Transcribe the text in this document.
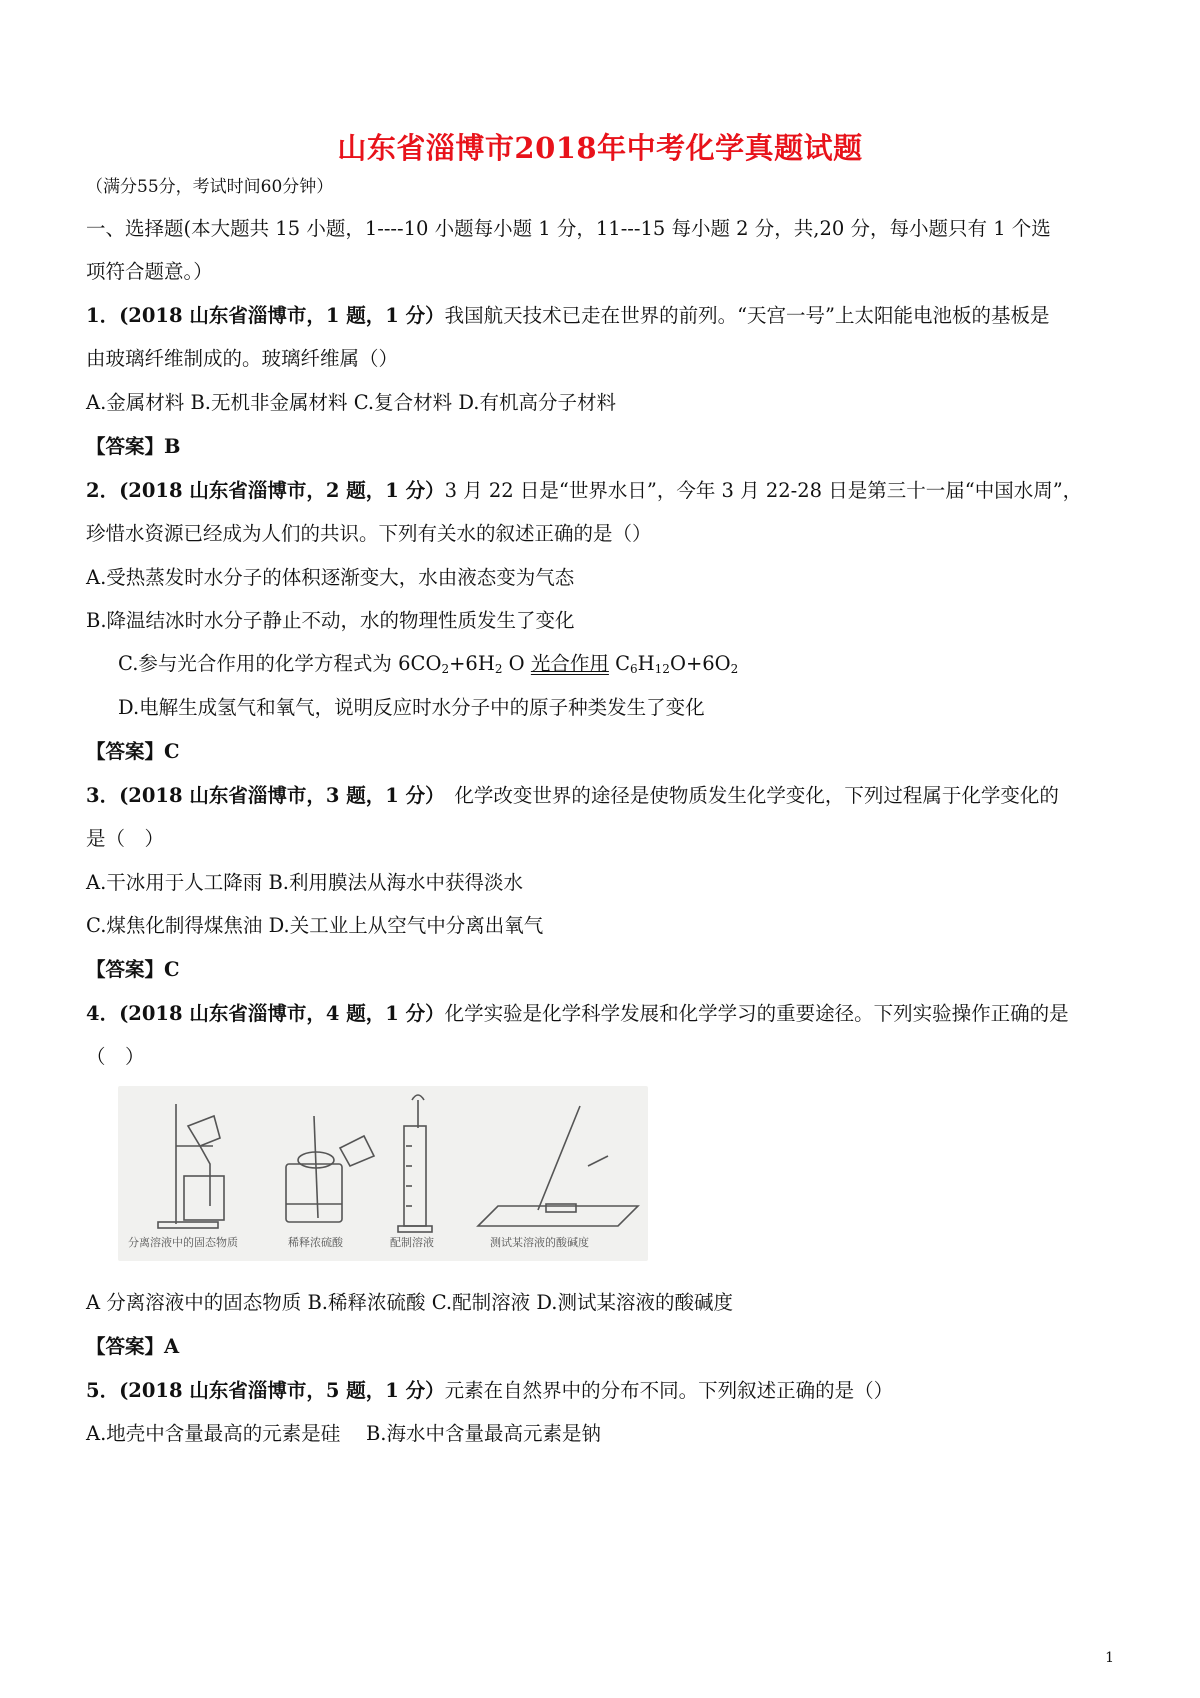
山东省淄博市2018年中考化学真题试题
（满分55分，考试时间60分钟）
一、选择题(本大题共 15 小题，1----10 小题每小题 1 分，11---15 每小题 2 分，共,20 分，每小题只有 1 个选
项符合题意。）
1．(2018 山东省淄博市，1 题，1 分）我国航天技术已走在世界的前列。“天宫一号”上太阳能电池板的基板是
由玻璃纤维制成的。玻璃纤维属（）
A.金属材料 B.无机非金属材料 C.复合材料 D.有机高分子材料
【答案】B
2．(2018 山东省淄博市，2 题，1 分）3 月 22 日是“世界水日”，今年 3 月 22-28 日是第三十一届“中国水周”，
珍惜水资源已经成为人们的共识。下列有关水的叙述正确的是（）
A.受热蒸发时水分子的体积逐渐变大，水由液态变为气态
B.降温结冰时水分子静止不动，水的物理性质发生了变化
C.参与光合作用的化学方程式为 $6CO_2+6H_2$ O 光合作用 $C_6H_{12}O+6O_2$
D.电解生成氢气和氧气，说明反应时水分子中的原子种类发生了变化
【答案】C
3．(2018 山东省淄博市，3 题，1 分）　化学改变世界的途径是使物质发生化学变化，下列过程属于化学变化的
是（　）
A.干冰用于人工降雨 B.利用膜法从海水中获得淡水
C.煤焦化制得煤焦油 D.关工业上从空气中分离出氧气
【答案】C
4．(2018 山东省淄博市，4 题，1 分）化学实验是化学科学发展和化学学习的重要途径。下列实验操作正确的是
（　）
分离溶液中的固态物质	稀释浓硫酸	配制溶液	测试某溶液的酸碱度
A 分离溶液中的固态物质 B.稀释浓硫酸 C.配制溶液 D.测试某溶液的酸碱度
【答案】A
5．(2018 山东省淄博市，5 题，1 分）元素在自然界中的分布不同。下列叙述正确的是（）
A.地壳中含量最高的元素是硅　 B.海水中含量最高元素是钠
1
